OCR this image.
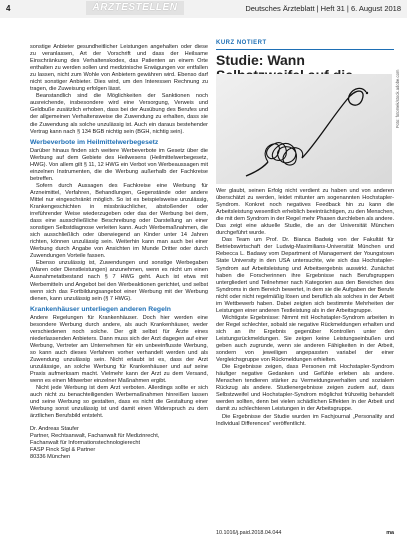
4	ÄRZTESTELLEN	Deutsches Ärzteblatt | Heft 31 | 6. August 2018

sonstige Anbieter gesundheitlicher Leistungen angehalten oder diese zu veranlassen, Art der Vorschrift und dass der Heilsame Einschränkung des Verhaltenskodex, das Patienten an einem Orte enthalten zu werden sollen und medizinische Erwägungen vor entfallen zu lassen, nicht zum Wohle von Anbietern gewähren wird. Ebenso darf nicht sonstiger Anbieter. Dies wird, um den Interessen Rechnung zu tragen, die Zuweisung erfolgen lässt.

Beanstandlich sind die Möglichkeiten der Sanktionen noch ausreichende, insbesondere wird eine Versorgung, Verweis und Geldbuße zusätzlich erhoben, dass bei der Ausübung des Berufes und der allgemeinen Verhaltensweise die Zuwendung zu erhalten, dass sie die Zuwendung als solche unzulässig ist. Auch ein daraus bestehender Vertrag kann nach § 134 BGB nichtig sein (BGH, nichtig sein).

Werbeverbote im Heilmittelwerbegesetz

Darüber hinaus finden sich weitere Werbeverbote im Gesetz über die Werbung auf dem Gebiete des Heilwesens (Heilmittelwerbegesetz, HWG). Von allem gilt § 11, 12 HWG ein Verbot von Werbeaussagen mit einzelnen Instrumenten, die die Werbung außerhalb der Fachkreise betreffen.

Sofern durch Aussagen des Fachkreise eine Werbung für Arzneimittel, Verfahren, Behandlungen, Gegenstände oder andere Mittel nur eingeschränkt möglich. So ist es beispielsweise unzulässig, Krankengeschichten in missbräuchlicher, abstoßender oder irreführender Weise wiederzugeben oder das der Werbung bei dem, dass eine ausschließliche Beschreibung oder Darstellung an einer sonstigen Selbstdiagnose verleiten kann. Auch Werbemaßnahmen, die sich ausschließlich oder überwiegend an Kinder unter 14 Jahren richten, können unzulässig sein. Weiterhin kann man auch bei einer Werbung durch Angabe von Ansichten im Munde Dritter oder durch Zuwendungen Vorteile fassen.

Ebenso unzulässig ist, Zuwendungen und sonstige Werbegaben (Waren oder Dienstleistungen) anzunehmen, wenn es nicht um einen Ausnahmetatbestand nach § 7 HWG geht. Auch ist etwa mit Werbemitteln und Angebot bei den Werbeaktionen gerichtet, und selbst wenn sich das Fortbildungsangebot einer Werbung mit der Werbung dienen, kann unzulässig sein (§ 7 HWG).

Krankenhäuser unterliegen anderen Regeln

Andere Regelungen für Krankenhäuser. Doch hier werden eine besondere Werbung durch andere, als auch Krankenhäuser, weder verschiedenen noch solche. Der gilt selbst für Ärzte eines niederlassenden Anbieters. Dann muss sich der Arzt dagegen auf einer Werbung, Vertreter am Unternehmen für ein unbeeinflusste Werbung, so kann auch dieses Verfahren vorher verhandelt werden und als Zuwendung unzulässig sein. Nicht erlaubt ist es, dass der Arzt unzulässige, an solche Werbung für Krankenhäuser und auf seine Praxis aufmerksam macht. Vielmehr kann der Arzt zu dem Versand, wenn es einen Mitwerber einzelner Maßnahmen ergibt.

Nicht jede Werbung ist dem Arzt verboten. Allerdings sollte er sich auch nicht zu benachteiligenden Werbemaßnahmen hinreißen lassen und seine Werbung so gestalten, dass es nicht die Gestaltung einer Werbung sonst unzulässig ist und damit einen Widerspruch zu dem ärztlichen Berufsbild entsteht.

Dr. Andreas Staufer
Partner, Rechtsanwalt, Fachanwalt für Medizinrecht,
Fachanwalt für Informationstechnologierecht
FASP Finck Sigl & Partner
80336 München
KURZ NOTIERT
Studie: Wann
Foto: fotomek/stock.adobe.com

Wer glaubt, seinen Erfolg nicht verdient zu haben und von anderen überschätzt zu werden, leidet mitunter am sogenannten Hochstapler-Syndrom. Konkret noch negatives Feedback hin zu kann die Arbeitsleistung wesentlich erheblich beeinträchtigen, zu den Menschen, die mit dem Syndrom in der Regel mehr Phasen durchleben als andere. Das zeigt eine aktuelle Studie, die an der Universität München durchgeführt wurde.

Das Team um Prof. Dr. Bianca Badwig von der Fakultät für Betriebswirtschaft der Ludwig-Maximilians-Universität München und Rebecca L. Badawy vom Department of Management der Youngstown State University in den USA untersuchte, wie sich das Hochstapler-Syndrom auf Arbeitsleistung und Arbeitsergebnis auswirkt. Zunächst haben die Forscherinnen ihre Ergebnisse nach Berufsgruppen untergliedert und Teilnehmer nach Kategorien aus den Bereichen des Syndroms in dem Bereich bewertet, in dem sie die Aufgaben der Berufe nicht oder nicht regelmäßig lösen und beruflich als solches in der Arbeit im Wettbewerb haben. Dabei zeigten sich bestimmte Mehrheiten der Leistungen einer anderen Testleistung als in der Arbeitsgruppe.

Wichtigste Ergebnisse: Nimmt mit Hochstapler-Syndrom arbeiten in der Regel schlechter, sobald sie negative Rückmeldungen erhalten und sich an ihr Ergebnis gegenüber Kontrollen unter den Leistungsrückmeldungen. Sie zeigen keine Leistungseinbußen und geben auch zugrunde, wenn sie anderen Fähigkeiten in der Arbeit, sondern von jeweiligen angepassten variabel der einer Vergleichsgruppe von Rückmeldungen erhielten.

Die Ergebnisse zeigen, dass Personen mit Hochstapler-Syndrom häufiger negative Gedanken und Gefühle erleben als andere. Menschen tendieren stärker zu Vermeidungsverhalten und sozialem Rückzug als andere. Studienergebnisse zeigen zudem auf, dass Selbstzweifel und Hochstapler-Syndrom möglichst frühzeitig behandelt werden sollten, denn bei vielen schädlichen Effekten in der Arbeit und damit zu schlechteren Leistungen in der Arbeitsgruppe.

Die Ergebnisse der Studie wurden im Fachjournal „Personality and Individual Differences“ veröffentlicht.

10.1016/j.paid.2018.04.044	ma
